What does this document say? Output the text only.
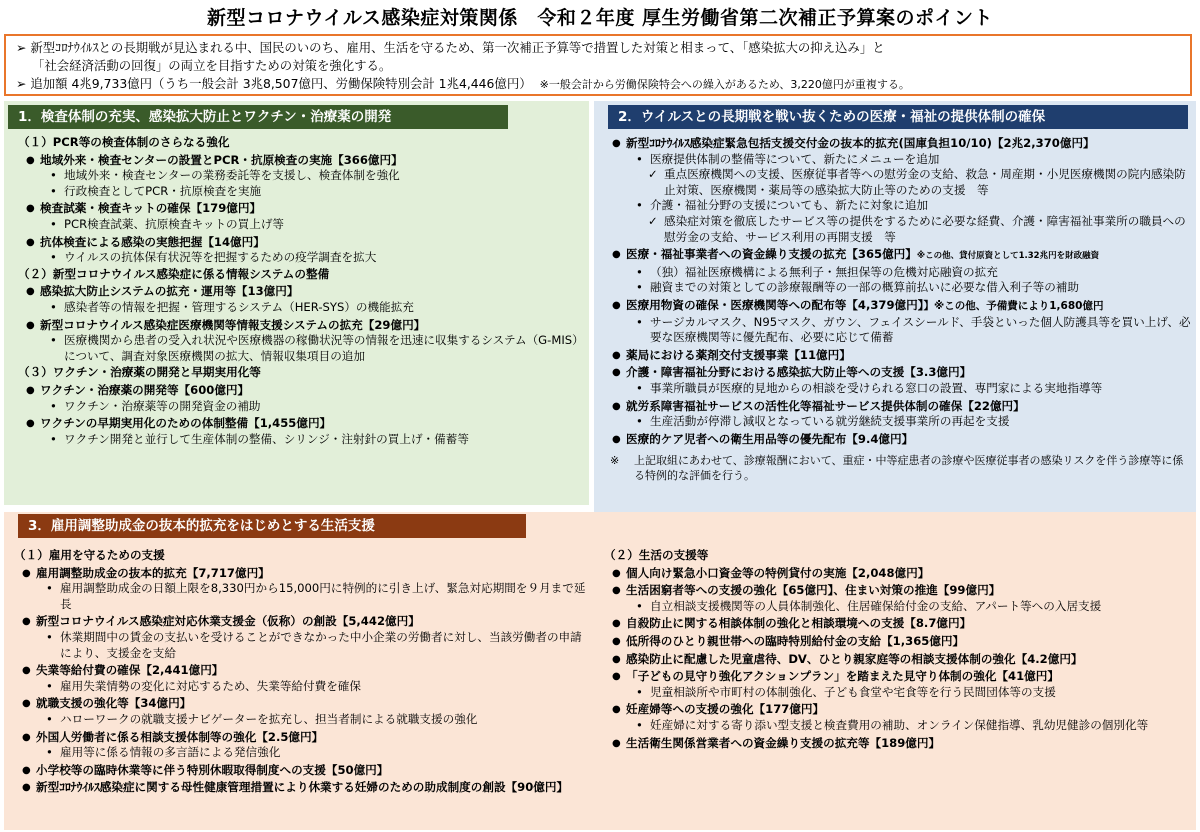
新型コロナウイルス感染症対策関係　令和２年度 厚生労働省第二次補正予算案のポイント

➢ 新型ｺﾛﾅｳｲﾙｽとの長期戦が見込まれる中、国民のいのち、雇用、生活を守るため、第一次補正予算等で措置した対策と相まって、「感染拡大の抑え込み」と

「社会経済活動の回復」の両立を目指すための対策を強化する。

➢ 追加額 4兆9,733億円（うち一般会計 3兆8,507億円、労働保険特別会計 1兆4,446億円） ※一般会計から労働保険特会への繰入があるため、3,220億円が重複する。

1．検査体制の充実、感染拡大防止とワクチン・治療薬の開発
（１）PCR等の検査体制のさらなる強化
● 地域外来・検査センターの設置とPCR・抗原検査の実施【366億円】
• 地域外来・検査センターの業務委託等を支援し、検査体制を強化
• 行政検査としてPCR・抗原検査を実施
● 検査試薬・検査キットの確保【179億円】
• PCR検査試薬、抗原検査キットの買上げ等
● 抗体検査による感染の実態把握【14億円】
• ウイルスの抗体保有状況等を把握するための疫学調査を拡大
（２）新型コロナウイルス感染症に係る情報システムの整備
● 感染拡大防止システムの拡充・運用等【13億円】
• 感染者等の情報を把握・管理するシステム（HER-SYS）の機能拡充
● 新型コロナウイルス感染症医療機関等情報支援システムの拡充【29億円】
• 医療機関から患者の受入れ状況や医療機器の稼働状況等の情報を迅速に収集するシステム（G-MIS）について、調査対象医療機関の拡大、情報収集項目の追加
（３）ワクチン・治療薬の開発と早期実用化等
● ワクチン・治療薬の開発等【600億円】
• ワクチン・治療薬等の開発資金の補助
● ワクチンの早期実用化のための体制整備【1,455億円】
• ワクチン開発と並行して生産体制の整備、シリンジ・注射針の買上げ・備蓄等
2．ウイルスとの長期戦を戦い抜くための医療・福祉の提供体制の確保
● 新型ｺﾛﾅｳｲﾙｽ感染症緊急包括支援交付金の抜本的拡充(国庫負担10/10)【2兆2,370億円】
• 医療提供体制の整備等について、新たにメニューを追加
✓ 重点医療機関への支援、医療従事者等への慰労金の支給、救急・周産期・小児医療機関の院内感染防止対策、医療機関・薬局等の感染拡大防止等のための支援　等
• 介護・福祉分野の支援についても、新たに対象に追加
✓ 感染症対策を徹底したサービス等の提供をするために必要な経費、介護・障害福祉事業所の職員への慰労金の支給、サービス利用の再開支援　等
● 医療・福祉事業者への資金繰り支援の拡充【365億円】※この他、貸付原資として1.32兆円を財政融資
• （独）福祉医療機構による無利子・無担保等の危機対応融資の拡充
• 融資までの対策としての診療報酬等の一部の概算前払いに必要な借入利子等の補助
● 医療用物資の確保・医療機関等への配布等【4,379億円】】※この他、予備費により1,680億円
• サージカルマスク、N95マスク、ガウン、フェイスシールド、手袋といった個人防護具等を買い上げ、必要な医療機関等に優先配布、必要に応じて備蓄
● 薬局における薬剤交付支援事業【11億円】
● 介護・障害福祉分野における感染拡大防止等への支援【3.3億円】
• 事業所職員が医療的見地からの相談を受けられる窓口の設置、専門家による実地指導等
● 就労系障害福祉サービスの活性化等福祉サービス提供体制の確保【22億円】
• 生産活動が停滞し減収となっている就労継続支援事業所の再起を支援
● 医療的ケア児者への衛生用品等の優先配布【9.4億円】
※ 上記取組にあわせて、診療報酬において、重症・中等症患者の診療や医療従事者の感染リスクを伴う診療等に係る特例的な評価を行う。
3．雇用調整助成金の抜本的拡充をはじめとする生活支援
（１）雇用を守るための支援
● 雇用調整助成金の抜本的拡充【7,717億円】
• 雇用調整助成金の日額上限を8,330円から15,000円に特例的に引き上げ、緊急対応期間を９月まで延長
● 新型コロナウイルス感染症対応休業支援金（仮称）の創設【5,442億円】
• 休業期間中の賃金の支払いを受けることができなかった中小企業の労働者に対し、当該労働者の申請により、支援金を支給
● 失業等給付費の確保【2,441億円】
• 雇用失業情勢の変化に対応するため、失業等給付費を確保
● 就職支援の強化等【34億円】
• ハローワークの就職支援ナビゲーターを拡充し、担当者制による就職支援の強化
● 外国人労働者に係る相談支援体制等の強化【2.5億円】
• 雇用等に係る情報の多言語による発信強化
● 小学校等の臨時休業等に伴う特別休暇取得制度への支援【50億円】
● 新型ｺﾛﾅｳｲﾙｽ感染症に関する母性健康管理措置により休業する妊婦のための助成制度の創設【90億円】
（２）生活の支援等
● 個人向け緊急小口資金等の特例貸付の実施【2,048億円】
● 生活困窮者等への支援の強化【65億円】、住まい対策の推進【99億円】
• 自立相談支援機関等の人員体制強化、住居確保給付金の支給、アパート等への入居支援
● 自殺防止に関する相談体制の強化と相談環境への支援【8.7億円】
● 低所得のひとり親世帯への臨時特別給付金の支給【1,365億円】
● 感染防止に配慮した児童虐待、DV、ひとり親家庭等の相談支援体制の強化【4.2億円】
● 「子どもの見守り強化アクションプラン」を踏まえた見守り体制の強化【41億円】
• 児童相談所や市町村の体制強化、子ども食堂や宅食等を行う民間団体等の支援
● 妊産婦等への支援の強化【177億円】
• 妊産婦に対する寄り添い型支援と検査費用の補助、オンライン保健指導、乳幼児健診の個別化等
● 生活衛生関係営業者への資金繰り支援の拡充等【189億円】
